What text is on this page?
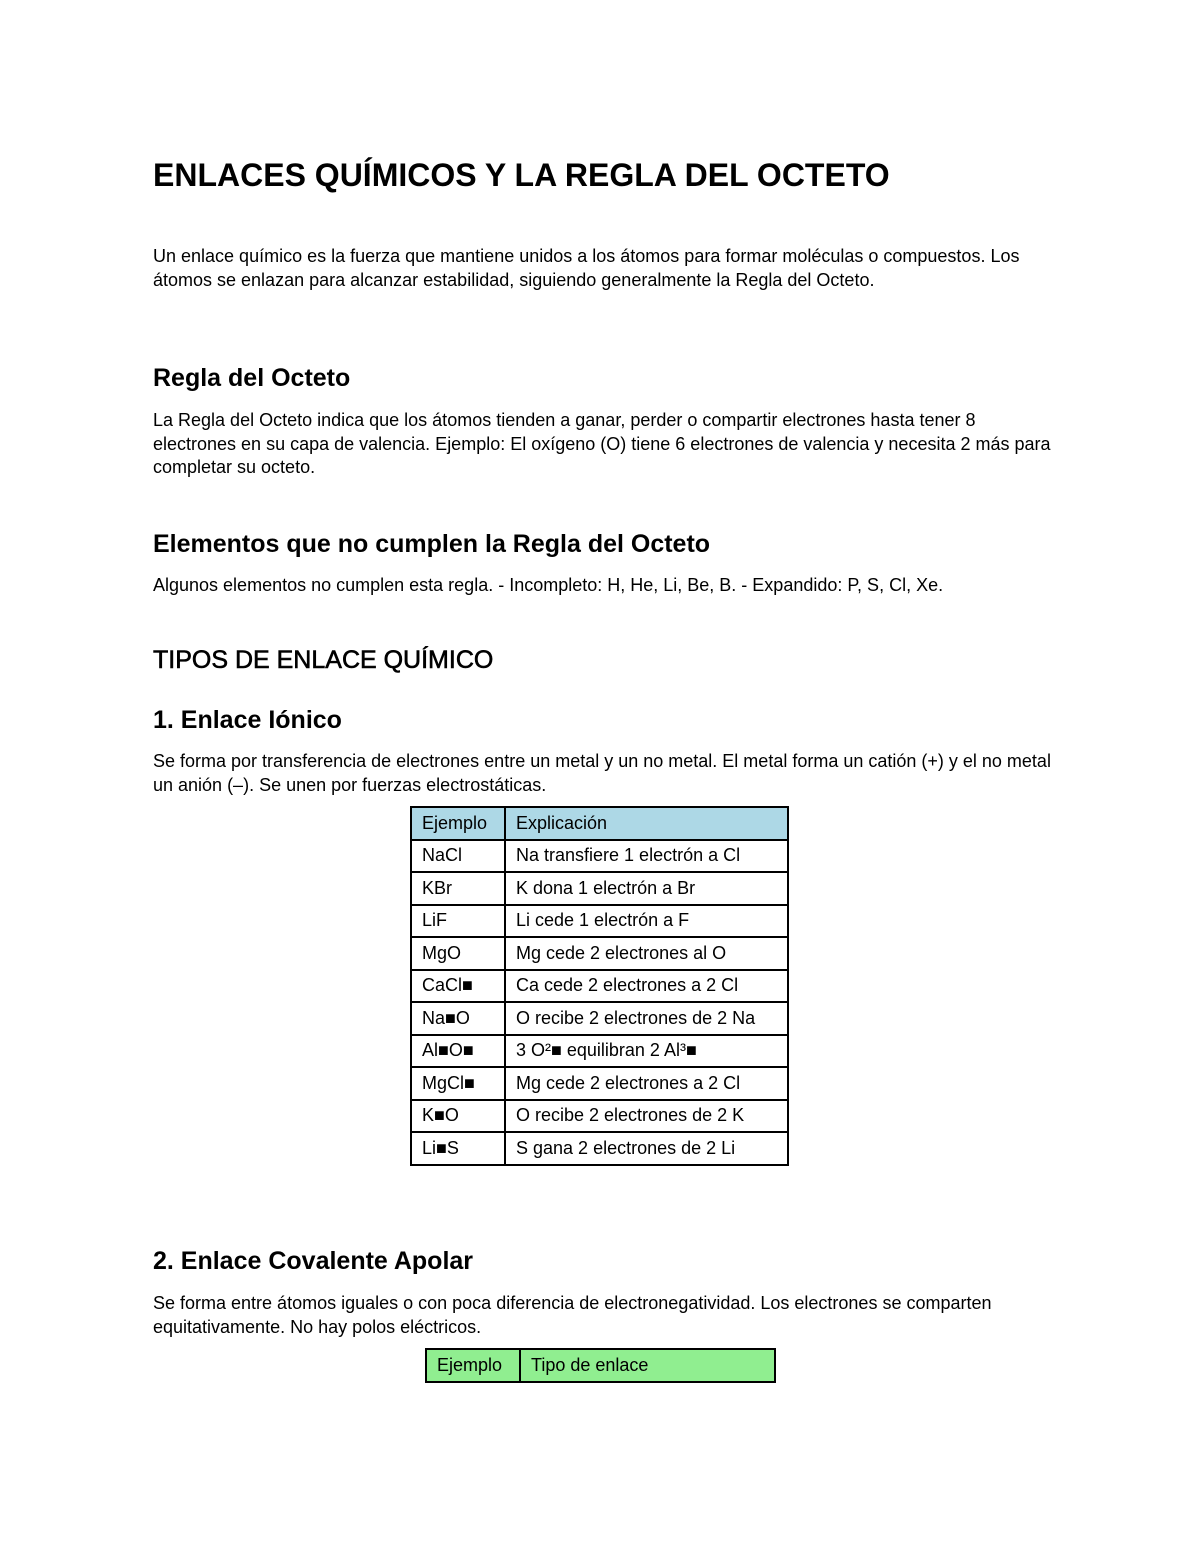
ENLACES QUÍMICOS Y LA REGLA DEL OCTETO

Un enlace químico es la fuerza que mantiene unidos a los átomos para formar moléculas o compuestos. Los átomos se enlazan para alcanzar estabilidad, siguiendo generalmente la Regla del Octeto.

Regla del Octeto

La Regla del Octeto indica que los átomos tienden a ganar, perder o compartir electrones hasta tener 8 electrones en su capa de valencia. Ejemplo: El oxígeno (O) tiene 6 electrones de valencia y necesita 2 más para completar su octeto.

Elementos que no cumplen la Regla del Octeto

Algunos elementos no cumplen esta regla. - Incompleto: H, He, Li, Be, B. - Expandido: P, S, Cl, Xe.

TIPOS DE ENLACE QUÍMICO
1. Enlace Iónico

Se forma por transferencia de electrones entre un metal y un no metal. El metal forma un catión (+) y el no metal un anión (–). Se unen por fuerzas electrostáticas.

Ejemplo	Explicación
NaCl	Na transfiere 1 electrón a Cl
KBr	K dona 1 electrón a Br
LiF	Li cede 1 electrón a F
MgO	Mg cede 2 electrones al O
CaCl■	Ca cede 2 electrones a 2 Cl
Na■O	O recibe 2 electrones de 2 Na
Al■O■	3 O²■ equilibran 2 Al³■
MgCl■	Mg cede 2 electrones a 2 Cl
K■O	O recibe 2 electrones de 2 K
Li■S	S gana 2 electrones de 2 Li
2. Enlace Covalente Apolar

Se forma entre átomos iguales o con poca diferencia de electronegatividad. Los electrones se comparten equitativamente. No hay polos eléctricos.

Ejemplo	Tipo de enlace
